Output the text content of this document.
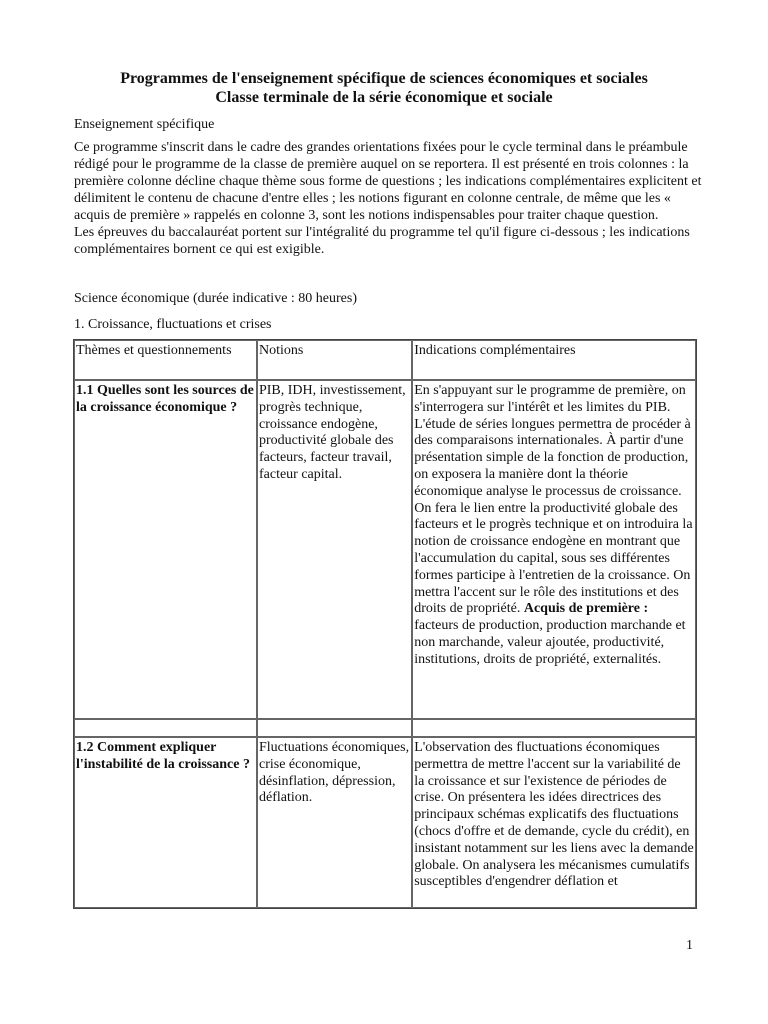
Programmes de l'enseignement spécifique de sciences économiques et sociales
Classe terminale de la série économique et sociale
Enseignement spécifique

Ce programme s'inscrit dans le cadre des grandes orientations fixées pour le cycle terminal dans le préambule rédigé pour le programme de la classe de première auquel on se reportera. Il est présenté en trois colonnes : la première colonne décline chaque thème sous forme de questions ; les indications complémentaires explicitent et délimitent le contenu de chacune d'entre elles ; les notions figurant en colonne centrale, de même que les « acquis de première » rappelés en colonne 3, sont les notions indispensables pour traiter chaque question.

Les épreuves du baccalauréat portent sur l'intégralité du programme tel qu'il figure ci-dessous ; les indications complémentaires bornent ce qui est exigible.

Science économique (durée indicative : 80 heures)
1. Croissance, fluctuations et crises
Thèmes et questionnements	Notions	Indications complémentaires
1.1 Quelles sont les sources de la croissance économique ?	PIB, IDH, investissement, progrès technique, croissance endogène, productivité globale des facteurs, facteur travail, facteur capital.	En s'appuyant sur le programme de première, on s'interrogera sur l'intérêt et les limites du PIB. L'étude de séries longues permettra de procéder à des comparaisons internationales. À partir d'une présentation simple de la fonction de production, on exposera la manière dont la théorie économique analyse le processus de croissance. On fera le lien entre la productivité globale des facteurs et le progrès technique et on introduira la notion de croissance endogène en montrant que l'accumulation du capital, sous ses différentes formes participe à l'entretien de la croissance. On mettra l'accent sur le rôle des institutions et des droits de propriété. Acquis de première : facteurs de production, production marchande et non marchande, valeur ajoutée, productivité, institutions, droits de propriété, externalités.

1.2 Comment expliquer l'instabilité de la croissance ?	Fluctuations économiques, crise économique, désinflation, dépression, déflation.	L'observation des fluctuations économiques permettra de mettre l'accent sur la variabilité de la croissance et sur l'existence de périodes de crise. On présentera les idées directrices des principaux schémas explicatifs des fluctuations (chocs d'offre et de demande, cycle du crédit), en insistant notamment sur les liens avec la demande globale. On analysera les mécanismes cumulatifs susceptibles d'engendrer déflation et
1
